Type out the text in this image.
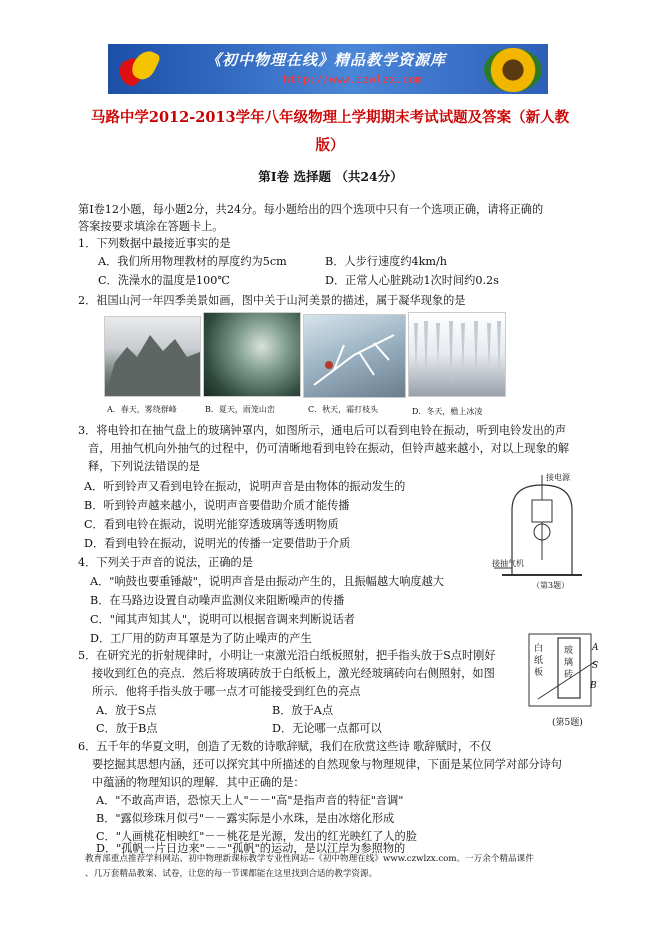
《初中物理在线》精品教学资源库
http://www.czwlzx.com
马路中学2012-2013学年八年级物理上学期期末考试试题及答案（新人教
版）
第Ⅰ卷 选择题 （共24分）
第Ⅰ卷12小题，每小题2分，共24分。每小题给出的四个选项中只有一个选项正确，请将正确的
答案按要求填涂在答题卡上。
1．下列数据中最接近事实的是
A．我们所用物理教材的厚度约为5cm	B．人步行速度约4km/h
C．洗澡水的温度是100℃	D．正常人心脏跳动1次时间约0.2s
2．祖国山河一年四季美景如画，图中关于山河美景的描述，属于凝华现象的是
A．春天，雾绕群峰	B．夏天，雨笼山峦	C．秋天，霜打枝头	D．冬天，檐上冰凌
3．将电铃扣在抽气盘上的玻璃钟罩内，如图所示，通电后可以看到电铃在振动，听到电铃发出的声
音，用抽气机向外抽气的过程中，仍可清晰地看到电铃在振动，但铃声越来越小，对以上现象的解
释，下列说法错误的是
A．听到铃声又看到电铃在振动，说明声音是由物体的振动发生的
B．听到铃声越来越小，说明声音要借助介质才能传播
C．看到电铃在振动，说明光能穿透玻璃等透明物质
D．看到电铃在振动，说明光的传播一定要借助于介质
接电源
接抽气机
（第3题）
4．下列关于声音的说法，正确的是
A．"响鼓也要重锤敲"，说明声音是由振动产生的，且振幅越大响度越大
B．在马路边设置自动噪声监测仪来阻断噪声的传播
C．"闻其声知其人"，说明可以根据音调来判断说话者
D．工厂用的防声耳罩是为了防止噪声的产生
5．在研究光的折射规律时，小明让一束激光沿白纸板照射，把手指头放于S点时刚好
接收到红色的亮点．然后将玻璃砖放于白纸板上，激光经玻璃砖向右侧照射，如图
所示．他将手指头放于哪一点才可能接受到红色的亮点
A．放于S点	B．放于A点
C．放于B点	D．无论哪一点都可以
白纸板
玻璃砖
A
S
B
(第5题)
6．五千年的华夏文明，创造了无数的诗歌辞赋，我们在欣赏这些诗 歌辞赋时，不仅
要挖掘其思想内涵，还可以探究其中所描述的自然现象与物理规律，下面是某位同学对部分诗句
中蕴涵的物理知识的理解．其中正确的是：
A．"不敢高声语，恐惊天上人"－－"高"是指声音的特征"音调"
B．"露似珍珠月似弓"－－露实际是小水珠，是由冰熔化形成
C．"人画桃花相映红"－－桃花是光源，发出的红光映红了人的脸
D．"孤帆一片日边来"－－"孤帆"的运动，是以江岸为参照物的
教育部重点推荐学科网站、初中物理新课标教学专业性网站--《初中物理在线》www.czwlzx.com。一万余个精品课件
、几万套精品教案、试卷，让您的每一节课都能在这里找到合适的教学资源。
